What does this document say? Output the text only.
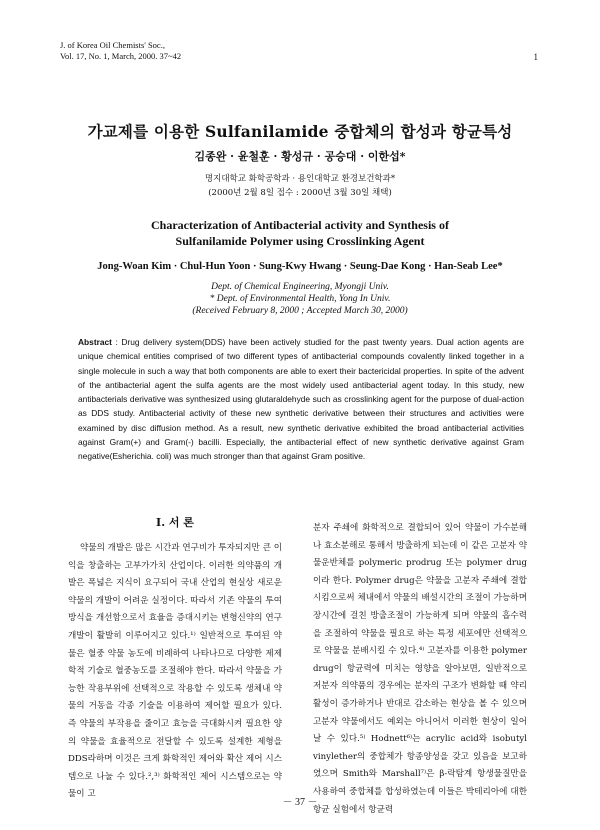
J. of Korea Oil Chemists' Soc.,
Vol. 17, No. 1, March, 2000. 37~42	1
가교제를 이용한 Sulfanilamide 중합체의 합성과 항균특성
김종완 · 윤철훈 · 황성규 · 공승대 · 이한섭*
명지대학교 화학공학과 · 용인대학교 환경보건학과*
(2000년 2월 8일 접수 : 2000년 3월 30일 채택)
Characterization of Antibacterial activity and Synthesis of
Sulfanilamide Polymer using Crosslinking Agent
Jong-Woan Kim · Chul-Hun Yoon · Sung-Kwy Hwang · Seung-Dae Kong · Han-Seab Lee*
Dept. of Chemical Engineering, Myongji Univ.
* Dept. of Environmental Health, Yong In Univ.
(Received February 8, 2000 ; Accepted March 30, 2000)
Abstract : Drug delivery system(DDS) have been actively studied for the past twenty years. Dual action agents are unique chemical entities comprised of two different types of antibacterial compounds covalently linked together in a single molecule in such a way that both components are able to exert their bactericidal properties. In spite of the advent of the antibacterial agent the sulfa agents are the most widely used antibacterial agent today. In this study, new antibacterials derivative was synthesized using glutaraldehyde such as crosslinking agent for the purpose of dual-action as DDS study. Antibacterial activity of these new synthetic derivative between their structures and activities were examined by disc diffusion method. As a result, new synthetic derivative exhibited the broad antibacterial activities against Gram(+) and Gram(-) bacilli. Especially, the antibacterial effect of new synthetic derivative against Gram negative(Esherichia. coli) was much stronger than that against Gram positive.
Ⅰ. 서 론

약물의 개발은 많은 시간과 연구비가 투자되지만 큰 이익을 창출하는 고부가가치 산업이다. 이러한 의약품의 개발은 폭넓은 지식이 요구되어 국내 산업의 현실상 새로운 약물의 개발이 어려운 실정이다. 따라서 기존 약물의 투여방식을 개선함으로서 효율을 증대시키는 변형신약의 연구개발이 활발히 이루어지고 있다.¹⁾ 일반적으로 투여된 약물은 혈중 약물 농도에 비례하여 나타나므로 다양한 제제학적 기술로 혈중농도를 조절해야 한다. 따라서 약물을 가능한 작용부위에 선택적으로 작용할 수 있도록 생체내 약물의 거동을 각종 기술을 이용하여 제어할 필요가 있다. 즉 약물의 부작용을 줄이고 효능을 극대화시켜 필요한 양의 약물을 효율적으로 전달할 수 있도록 설계한 제형을 DDS라하며 이것은 크게 화학적인 제어와 확산 제어 시스템으로 나눌 수 있다.²,³⁾ 화학적인 제어 시스템으로는 약물이 고

분자 주쇄에 화학적으로 결합되어 있어 약물이 가수분해나 효소분해로 통해서 방출하게 되는데 이 같은 고분자 약물운반체를 polymeric prodrug 또는 polymer drug이라 한다. Polymer drug은 약물을 고분자 주쇄에 결합시킴으로써 체내에서 약물의 배설시간의 조절이 가능하며 장시간에 걸친 방출조절이 가능하게 되며 약물의 흡수력을 조절하여 약물을 필요로 하는 특정 세포에만 선택적으로 약물을 분배시킬 수 있다.⁴⁾ 고분자를 이용한 polymer drug이 항균력에 미치는 영향을 알아보면, 일반적으로 저분자 의약품의 경우에는 분자의 구조가 변화할 때 약리 활성이 증가하거나 반대로 감소하는 현상을 볼 수 있으며 고분자 약물에서도 예외는 아니어서 이러한 현상이 일어날 수 있다.⁵⁾ Hodnett⁶⁾는 acrylic acid와 isobutyl vinylether의 중합체가 항종양성을 갖고 있음을 보고하였으며 Smith와 Marshall⁷⁾은 β-락탐계 항생물질만을 사용하여 중합체를 합성하였는데 이들은 박테리아에 대한 항균 실험에서 항균력

－ 37 －
